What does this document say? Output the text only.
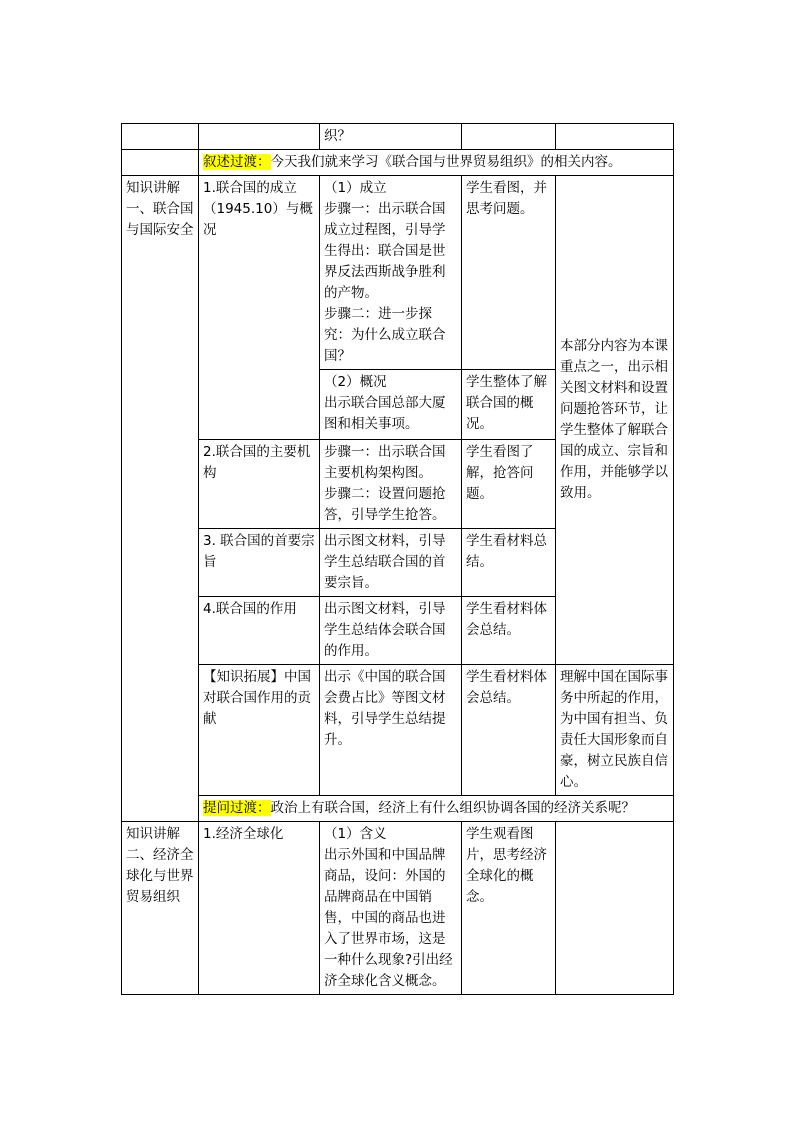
		织？		
	叙述过渡：今天我们就来学习《联合国与世界贸易组织》的相关内容。			
知识讲解一、联合国与国际安全	1.联合国的成立（1945.10）与概况	（1）成立
步骤一：出示联合国成立过程图，引导学生得出：联合国是世界反法西斯战争胜利的产物。
步骤二：进一步探究：为什么成立联合国？	学生看图，并思考问题。	本部分内容为本课重点之一，出示相关图文材料和设置问题抢答环节，让学生整体了解联合国的成立、宗旨和作用，并能够学以致用。

		（2）概况
出示联合国总部大厦图和相关事项。	学生整体了解联合国的概况。	
	2.联合国的主要机构	步骤一：出示联合国主要机构架构图。
步骤二：设置问题抢答，引导学生抢答。	学生看图了解，抢答问题。	
	3. 联合国的首要宗旨	出示图文材料，引导学生总结联合国的首要宗旨。	学生看材料总结。	
	4.联合国的作用	出示图文材料，引导学生总结体会联合国的作用。	学生看材料体会总结。	
	【知识拓展】中国对联合国作用的贡献	出示《中国的联合国会费占比》等图文材料，引导学生总结提升。	学生看材料体会总结。	理解中国在国际事务中所起的作用，为中国有担当、负责任大国形象而自豪，树立民族自信心。
	提问过渡：政治上有联合国，经济上有什么组织协调各国的经济关系呢？			
知识讲解二、经济全球化与世界贸易组织	1.经济全球化	（1）含义
出示外国和中国品牌商品，设问：外国的品牌商品在中国销售，中国的商品也进入了世界市场，这是一种什么现象?引出经济全球化含义概念。	学生观看图片，思考经济全球化的概念。	
